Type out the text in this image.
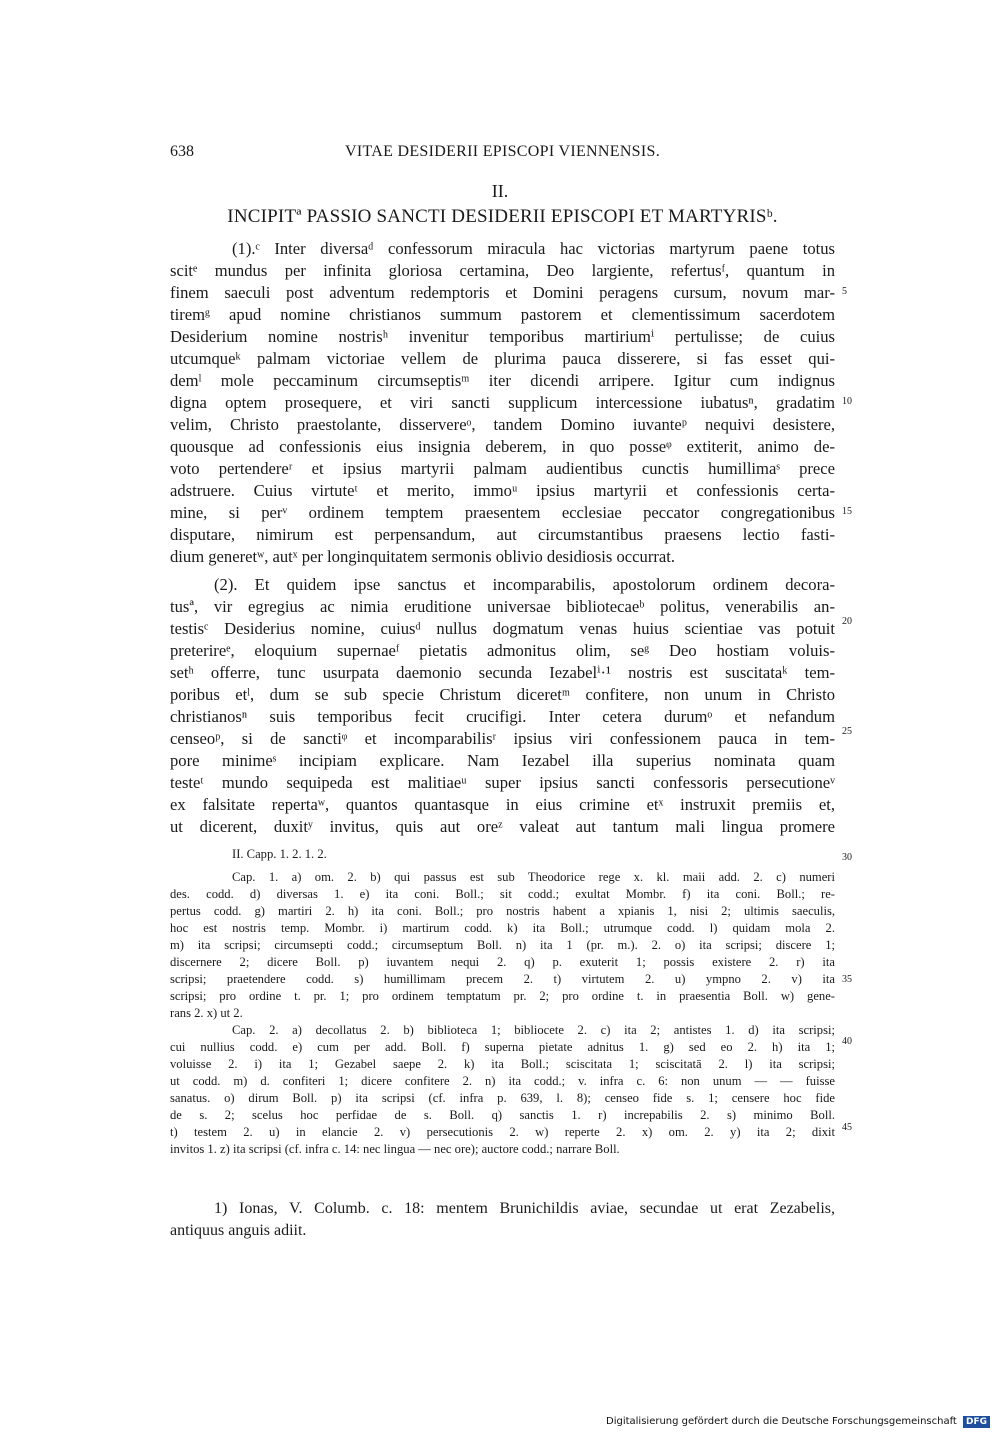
638	VITAE DESIDERII EPISCOPI VIENNENSIS.
II.
INCIPITª PASSIO SANCTI DESIDERII EPISCOPI ET MARTYRISᵇ.
(1).ᶜ Inter diversaᵈ confessorum miracula hac victorias martyrum paene totus
scitᵉ mundus per infinita gloriosa certamina, Deo largiente, refertusᶠ, quantum in
finem saeculi post adventum redemptoris et Domini peragens cursum, novum mar-
tiremᵍ apud nomine christianos summum pastorem et clementissimum sacerdotem
Desiderium nomine nostrisʰ invenitur temporibus martiriumⁱ pertulisse; de cuius
utcumqueᵏ palmam victoriae vellem de plurima pauca disserere, si fas esset qui-
demˡ mole peccaminum circumseptisᵐ iter dicendi arripere. Igitur cum indignus
digna optem prosequere, et viri sancti supplicum intercessione iubatusⁿ, gradatim
velim, Christo praestolante, disservereᵒ, tandem Domino iuvanteᵖ nequivi desistere,
quousque ad confessionis eius insignia deberem, in quo posseᵠ extiterit, animo de-
voto pertendereʳ et ipsius martyrii palmam audientibus cunctis humillimaˢ prece
adstruere. Cuius virtuteᵗ et merito, immoᵘ ipsius martyrii et confessionis certa-
mine, si perᵛ ordinem temptem praesentem ecclesiae peccator congregationibus
disputare, nimirum est perpensandum, aut circumstantibus praesens lectio fasti-
dium generetʷ, autˣ per longinquitatem sermonis oblivio desidiosis occurrat.
(2). Et quidem ipse sanctus et incomparabilis, apostolorum ordinem decora-
tusª, vir egregius ac nimia eruditione universae bibliotecaeᵇ politus, venerabilis an-
testisᶜ Desiderius nomine, cuiusᵈ nullus dogmatum venas huius scientiae vas potuit
preterireᵉ, eloquium supernaeᶠ pietatis admonitus olim, seᵍ Deo hostiam voluis-
setʰ offerre, tunc usurpata daemonio secunda Iezabelⁱ·¹ nostris est suscitataᵏ tem-
poribus etˡ, dum se sub specie Christum diceretᵐ confitere, non unum in Christo
christianosⁿ suis temporibus fecit crucifigi. Inter cetera durumᵒ et nefandum
censeoᵖ, si de sanctiᵠ et incomparabilisʳ ipsius viri confessionem pauca in tem-
pore minimeˢ incipiam explicare. Nam Iezabel illa superius nominata quam
testeᵗ mundo sequipeda est malitiaeᵘ super ipsius sancti confessoris persecutioneᵛ
ex falsitate repertaʷ, quantos quantasque in eius crimine etˣ instruxit premiis et,
ut dicerent, duxitʸ invitus, quis aut oreᶻ valeat aut tantum mali lingua promere
5
10
15
20
25
II. Capp. 1. 2. 1. 2.
Cap. 1. a) om. 2. b) qui passus est sub Theodorice rege x. kl. maii add. 2. c) numeri
des. codd. d) diversas 1. e) ita coni. Boll.; sit codd.; exultat Mombr. f) ita coni. Boll.; re-
pertus codd. g) martiri 2. h) ita coni. Boll.; pro nostris habent a xpianis 1, nisi 2; ultimis saeculis,
hoc est nostris temp. Mombr. i) martirum codd. k) ita Boll.; utrumque codd. l) quidam mola 2.
m) ita scripsi; circumsepti codd.; circumseptum Boll. n) ita 1 (pr. m.). 2. o) ita scripsi; discere 1;
discernere 2; dicere Boll. p) iuvantem nequi 2. q) p. exuterit 1; possis existere 2. r) ita
scripsi; praetendere codd. s) humillimam precem 2. t) virtutem 2. u) ympno 2. v) ita
scripsi; pro ordine t. pr. 1; pro ordinem temptatum pr. 2; pro ordine t. in praesentia Boll. w) gene-
rans 2. x) ut 2.
Cap. 2. a) decollatus 2. b) biblioteca 1; bibliocete 2. c) ita 2; antistes 1. d) ita scripsi;
cui nullius codd. e) cum per add. Boll. f) superna pietate adnitus 1. g) sed eo 2. h) ita 1;
voluisse 2. i) ita 1; Gezabel saepe 2. k) ita Boll.; sciscitata 1; sciscitatā 2. l) ita scripsi;
ut codd. m) d. confiteri 1; dicere confitere 2. n) ita codd.; v. infra c. 6: non unum — — fuisse
sanatus. o) dirum Boll. p) ita scripsi (cf. infra p. 639, l. 8); censeo fide s. 1; censere hoc fide
de s. 2; scelus hoc perfidae de s. Boll. q) sanctis 1. r) increpabilis 2. s) minimo Boll.
t) testem 2. u) in elancie 2. v) persecutionis 2. w) reperte 2. x) om. 2. y) ita 2; dixit
invitos 1. z) ita scripsi (cf. infra c. 14: nec lingua — nec ore); auctore codd.; narrare Boll.
30
35
40
45
1) Ionas, V. Columb. c. 18: mentem Brunichildis aviae, secundae ut erat Zezabelis,
antiquus anguis adiit.
Digitalisierung gefördert durch die Deutsche Forschungsgemeinschaft DFG
